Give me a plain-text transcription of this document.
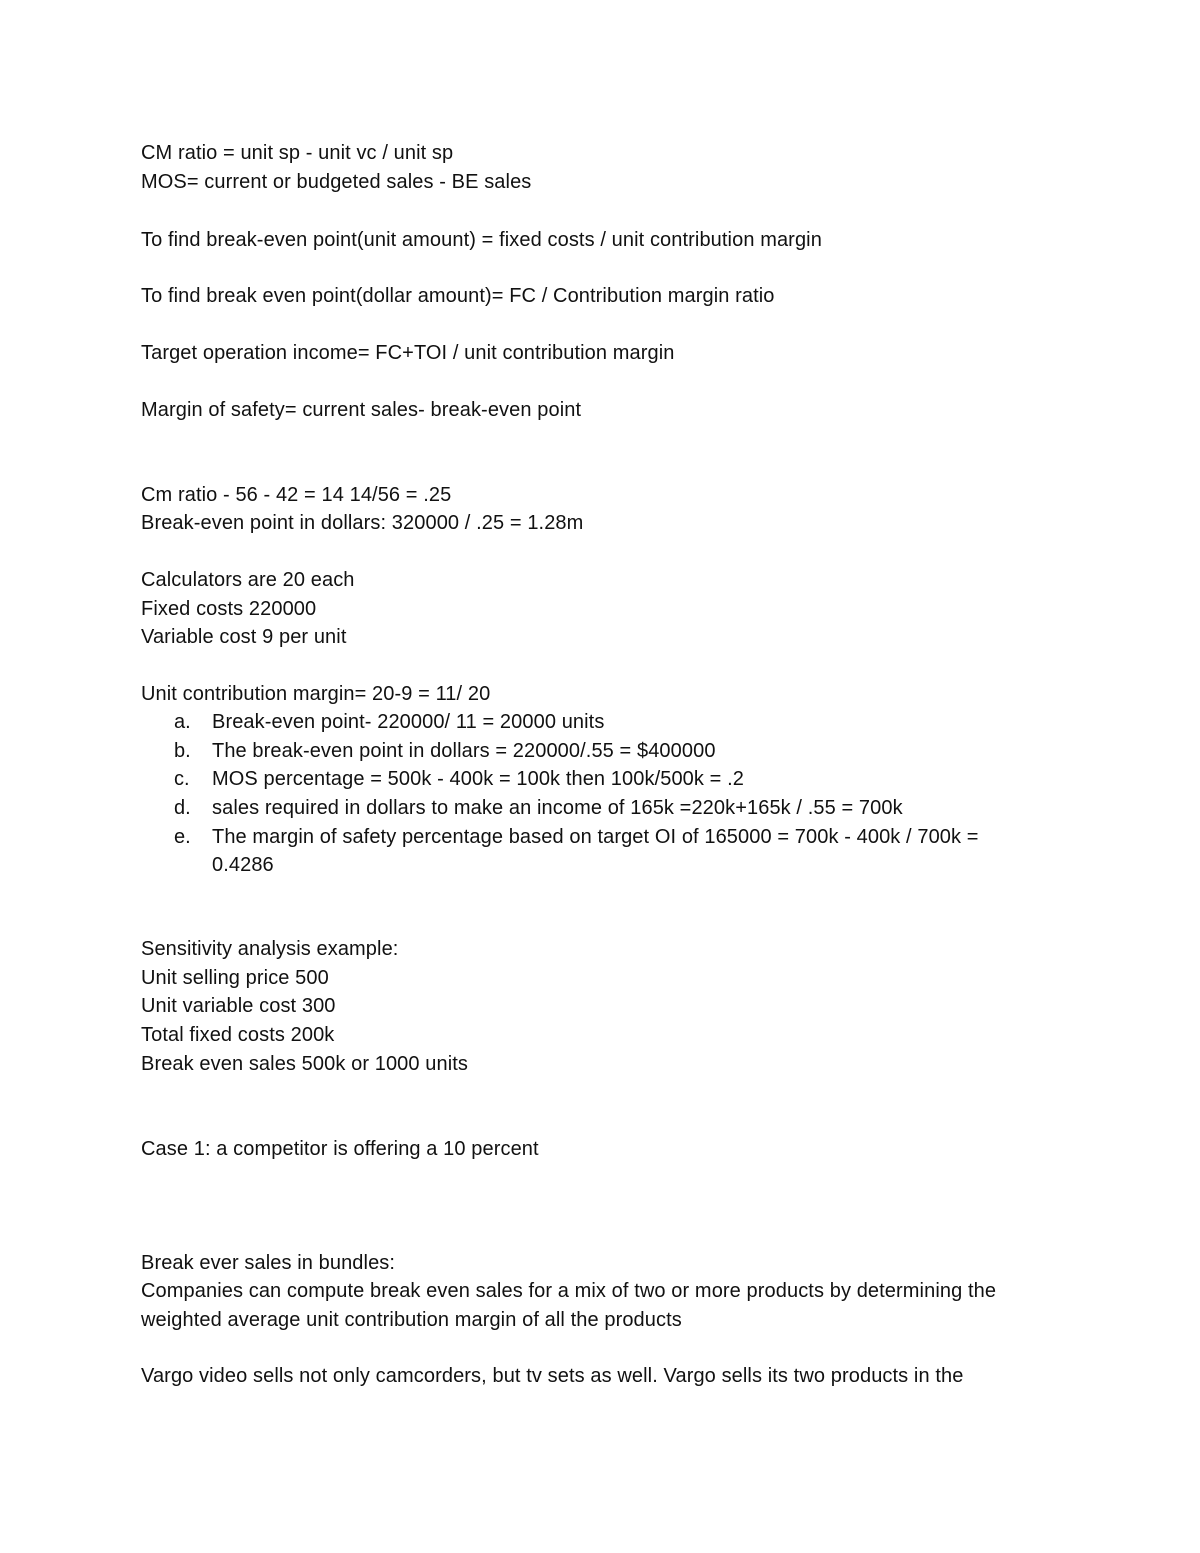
CM ratio = unit sp - unit vc / unit sp
MOS= current or budgeted sales - BE sales
To find break-even point(unit amount) = fixed costs / unit contribution margin
To find break even point(dollar amount)= FC / Contribution margin ratio
Target operation income= FC+TOI / unit contribution margin
Margin of safety= current sales- break-even point
Cm ratio - 56 - 42 = 14 14/56 = .25
Break-even point in dollars: 320000 / .25 = 1.28m
Calculators are 20 each
Fixed costs 220000
Variable cost 9 per unit
Unit contribution margin= 20-9 = 11/ 20
a. Break-even point- 220000/ 11 = 20000 units
b. The break-even point in dollars = 220000/.55 = $400000
c. MOS percentage = 500k - 400k = 100k then 100k/500k = .2
d. sales required in dollars to make an income of 165k =220k+165k / .55 = 700k
e. The margin of safety percentage based on target OI of 165000 = 700k - 400k / 700k =
0.4286
Sensitivity analysis example:
Unit selling price 500
Unit variable cost 300
Total fixed costs 200k
Break even sales 500k or 1000 units
Case 1: a competitor is offering a 10 percent
Break ever sales in bundles:
Companies can compute break even sales for a mix of two or more products by determining the
weighted average unit contribution margin of all the products
Vargo video sells not only camcorders, but tv sets as well. Vargo sells its two products in the
